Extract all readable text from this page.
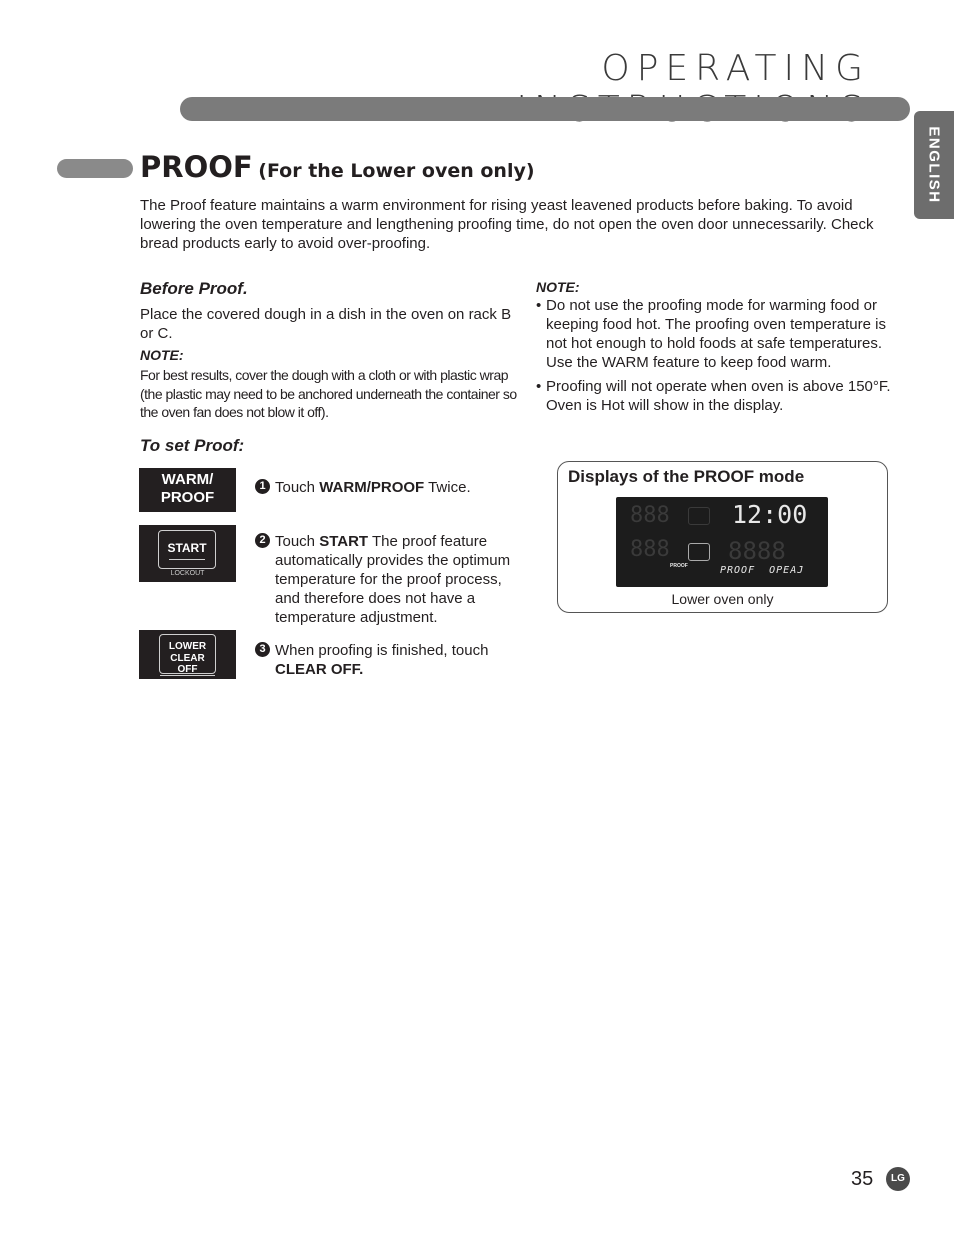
OPERATING
ENGLISH
PROOF (For the Lower oven only)
The Proof feature maintains a warm environment for rising yeast leavened products before baking. To avoid lowering the oven temperature and lengthening proofing time, do not open the oven door unnecessarily. Check bread products early to avoid over-proofing.
Before Proof.
Place the covered dough in a dish in the oven on rack B or C.
NOTE:
For best results, cover the dough with a cloth or with plastic wrap (the plastic may need to be anchored underneath the container so the oven fan does not blow it off).
To set Proof:
NOTE:
• Do not use the proofing mode for warming food or keeping food hot. The proofing oven temperature is not hot enough to hold foods at safe temperatures. Use the WARM feature to keep food warm.
• Proofing will not operate when oven is above 150°F. Oven is Hot will show in the display.
WARM/
PROOF
START
LOCKOUT
LOWER
CLEAR OFF
1 Touch WARM/PROOF Twice.
2 Touch START The proof feature automatically provides the optimum temperature for the proof process, and therefore does not have a temperature adjustment.
3 When proofing is finished, touch CLEAR OFF.
Displays of the PROOF mode
888
888 8888
12:00
PROOF	PROOF  OPEAJ
Lower oven only
35	LG
